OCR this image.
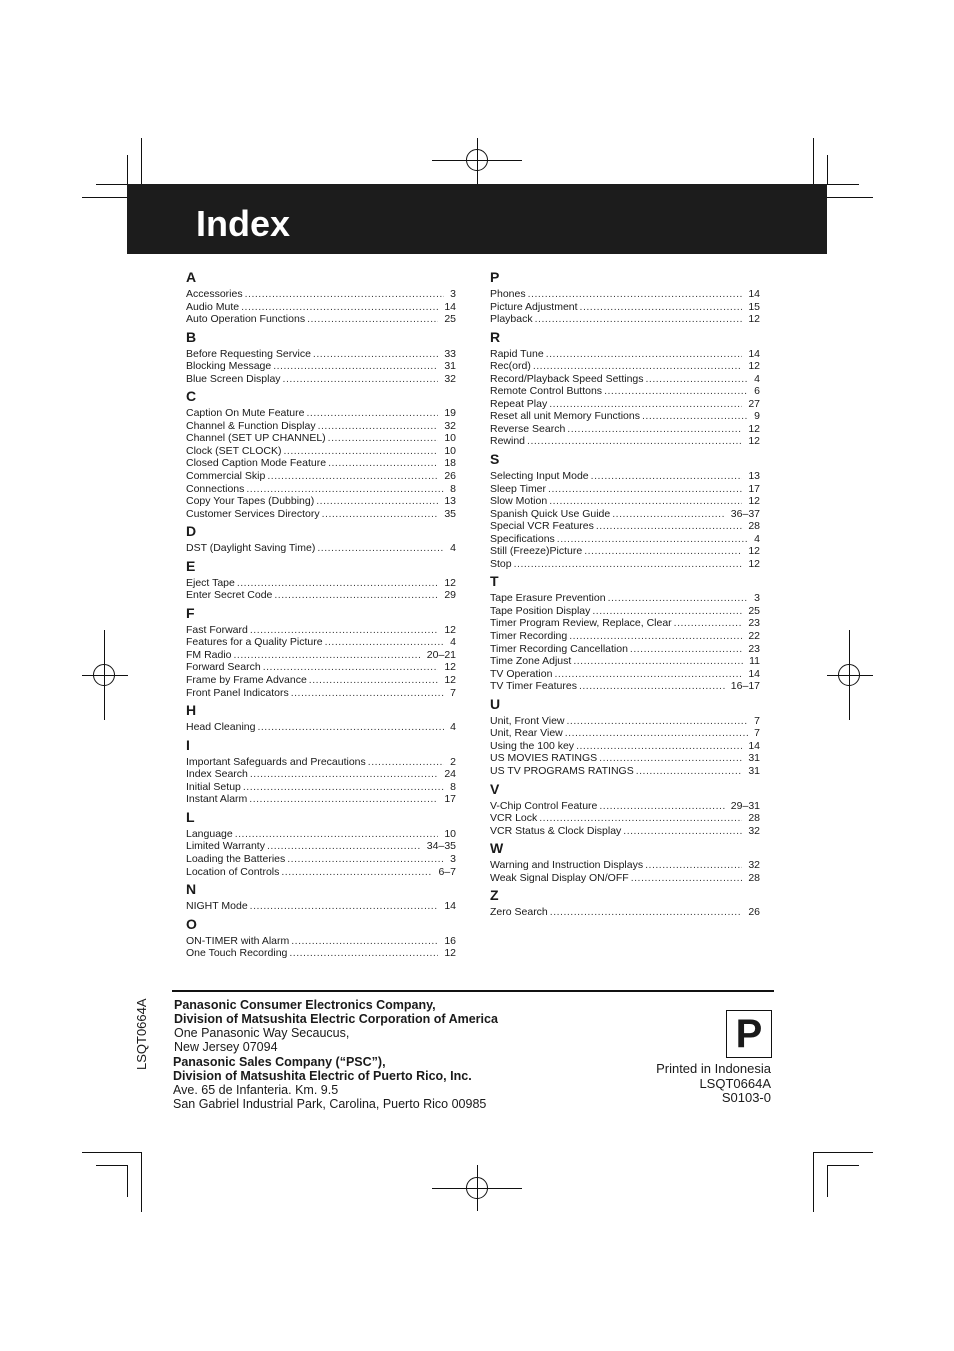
Index
A
Accessories .....	3
Audio Mute .....	14
Auto Operation Functions .....	25
B
Before Requesting Service .....	33
Blocking Message .....	31
Blue Screen Display .....	32
C
Caption On Mute Feature .....	19
Channel & Function Display .....	32
Channel (SET UP CHANNEL) .....	10
Clock (SET CLOCK) .....	10
Closed Caption Mode Feature .....	18
Commercial Skip .....	26
Connections .....	8
Copy Your Tapes (Dubbing) .....	13
Customer Services Directory .....	35
D
DST (Daylight Saving Time) .....	4
E
Eject Tape .....	12
Enter Secret Code .....	29
F
Fast Forward .....	12
Features for a Quality Picture .....	4
FM Radio .....	20–21
Forward Search .....	12
Frame by Frame Advance .....	12
Front Panel Indicators .....	7
H
Head Cleaning .....	4
I
Important Safeguards and Precautions .....	2
Index Search .....	24
Initial Setup .....	8
Instant Alarm .....	17
L
Language .....	10
Limited Warranty .....	34–35
Loading the Batteries .....	3
Location of Controls .....	6–7
N
NIGHT Mode .....	14
O
ON-TIMER with Alarm .....	16
One Touch Recording .....	12
P
Phones .....	14
Picture Adjustment .....	15
Playback .....	12
R
Rapid Tune .....	14
Rec(ord) .....	12
Record/Playback Speed Settings .....	4
Remote Control Buttons .....	6
Repeat Play .....	27
Reset all unit Memory Functions .....	9
Reverse Search .....	12
Rewind .....	12
S
Selecting Input Mode .....	13
Sleep Timer .....	17
Slow Motion .....	12
Spanish Quick Use Guide .....	36–37
Special VCR Features .....	28
Specifications .....	4
Still (Freeze)Picture .....	12
Stop .....	12
T
Tape Erasure Prevention .....	3
Tape Position Display .....	25
Timer Program Review, Replace, Clear .....	23
Timer Recording .....	22
Timer Recording Cancellation .....	23
Time Zone Adjust .....	11
TV Operation .....	14
TV Timer Features .....	16–17
U
Unit, Front View .....	7
Unit, Rear View .....	7
Using the 100 key .....	14
US MOVIES RATINGS .....	31
US TV PROGRAMS RATINGS .....	31
V
V-Chip Control Feature .....	29–31
VCR Lock .....	28
VCR Status & Clock Display .....	32
W
Warning and Instruction Displays .....	32
Weak Signal Display ON/OFF .....	28
Z
Zero Search .....	26
LSQT0664A Panasonic Consumer Electronics Company,
Division of Matsushita Electric Corporation of America
One Panasonic Way Secaucus,
New Jersey 07094
Panasonic Sales Company (“PSC”),
Division of Matsushita Electric of Puerto Rico, Inc.
Ave. 65 de Infanteria. Km. 9.5
San Gabriel Industrial Park, Carolina, Puerto Rico 00985
P
Printed in Indonesia
LSQT0664A
S0103-0
